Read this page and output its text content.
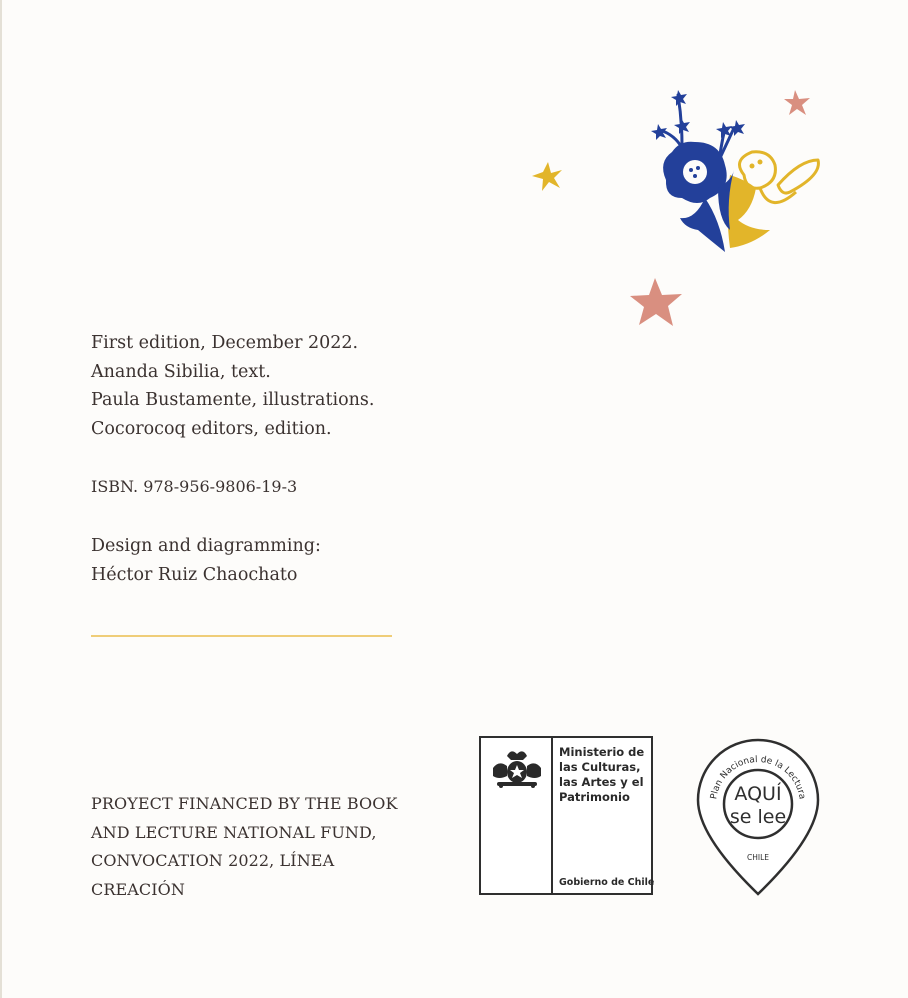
First edition, December 2022.
Ananda Sibilia, text.
Paula Bustamente, illustrations.
Cocorocoq editors, edition.
ISBN. 978-956-9806-19-3
Design and diagramming:
Héctor Ruiz Chaochato
PROYECT FINANCED BY THE BOOK
AND LECTURE NATIONAL FUND,
CONVOCATION 2022, LÍNEA
CREACIÓN
Ministerio de
las Culturas,
las Artes y el
Patrimonio
Gobierno de Chile
Plan Nacional de la Lectura
AQUÍ
se lee
CHILE
